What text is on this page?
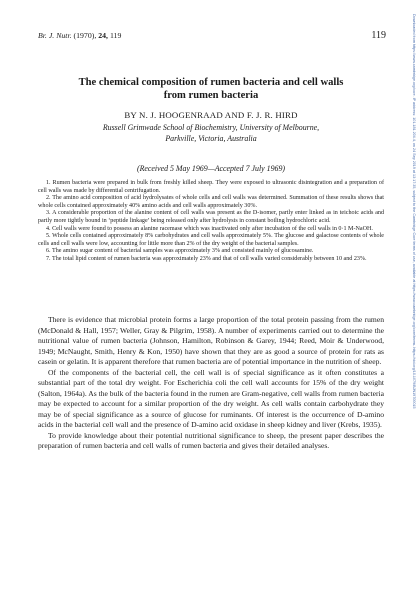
Br. J. Nutr. (1970), 24, 119	119
The chemical composition of rumen bacteria and cell walls
from rumen bacteria
BY N. J. HOOGENRAAD AND F. J. R. HIRD
Russell Grimwade School of Biochemistry, University of Melbourne,
Parkville, Victoria, Australia
(Received 5 May 1969—Accepted 7 July 1969)

1. Rumen bacteria were prepared in bulk from freshly killed sheep. They were exposed to ultrasonic disintegration and a preparation of cell walls was made by differential centrifugation.

2. The amino acid composition of acid hydrolysates of whole cells and cell walls was determined. Summation of these results shows that whole cells contained approximately 40% amino acids and cell walls approximately 30%.

3. A considerable proportion of the alanine content of cell walls was present as the D-isomer, partly enter linked as in teichoic acids and partly more tightly bound in ‘peptide linkage’ being released only after hydrolysis in constant boiling hydrochloric acid.

4. Cell walls were found to possess an alanine racemase which was inactivated only after incubation of the cell walls in 0·1 M-NaOH.

5. Whole cells contained approximately 8% carbohydrates and cell walls approximately 5%. The glucose and galactose contents of whole cells and cell walls were low, accounting for little more than 2% of the dry weight of the bacterial samples.

6. The amino sugar content of bacterial samples was approximately 3% and consisted mainly of glucosamine.

7. The total lipid content of rumen bacteria was approximately 23% and that of cell walls varied considerably between 10 and 23%.

There is evidence that microbial protein forms a large proportion of the total protein passing from the rumen (McDonald & Hall, 1957; Weller, Gray & Pilgrim, 1958). A number of experiments carried out to determine the nutritional value of rumen bacteria (Johnson, Hamilton, Robinson & Garey, 1944; Reed, Moir & Underwood, 1949; McNaught, Smith, Henry & Kon, 1950) have shown that they are as good a source of protein for rats as casein or gelatin. It is apparent therefore that rumen bacteria are of potential importance in the nutrition of sheep.

Of the components of the bacterial cell, the cell wall is of special significance as it often constitutes a substantial part of the total dry weight. For Escherichia coli the cell wall accounts for 15% of the dry weight (Salton, 1964a). As the bulk of the bacteria found in the rumen are Gram-negative, cell walls from rumen bacteria may be expected to account for a similar proportion of the dry weight. As cell walls contain carbohydrate they may be of special significance as a source of glucose for ruminants. Of interest is the occurrence of D-amino acids in the bacterial cell wall and the presence of D-amino acid oxidase in sheep kidney and liver (Krebs, 1935).

To provide knowledge about their potential nutritional significance to sheep, the present paper describes the preparation of rumen bacteria and cell walls of rumen bacteria and gives their detailed analyses.

Downloaded from https://www.cambridge.org/core. IP address: 101.181.204.4, on 24 Sep 2019 at 13:17:35, subject to the Cambridge Core terms of use, available at https://www.cambridge.org/core/terms. https://doi.org/10.1079/BJN19700015
